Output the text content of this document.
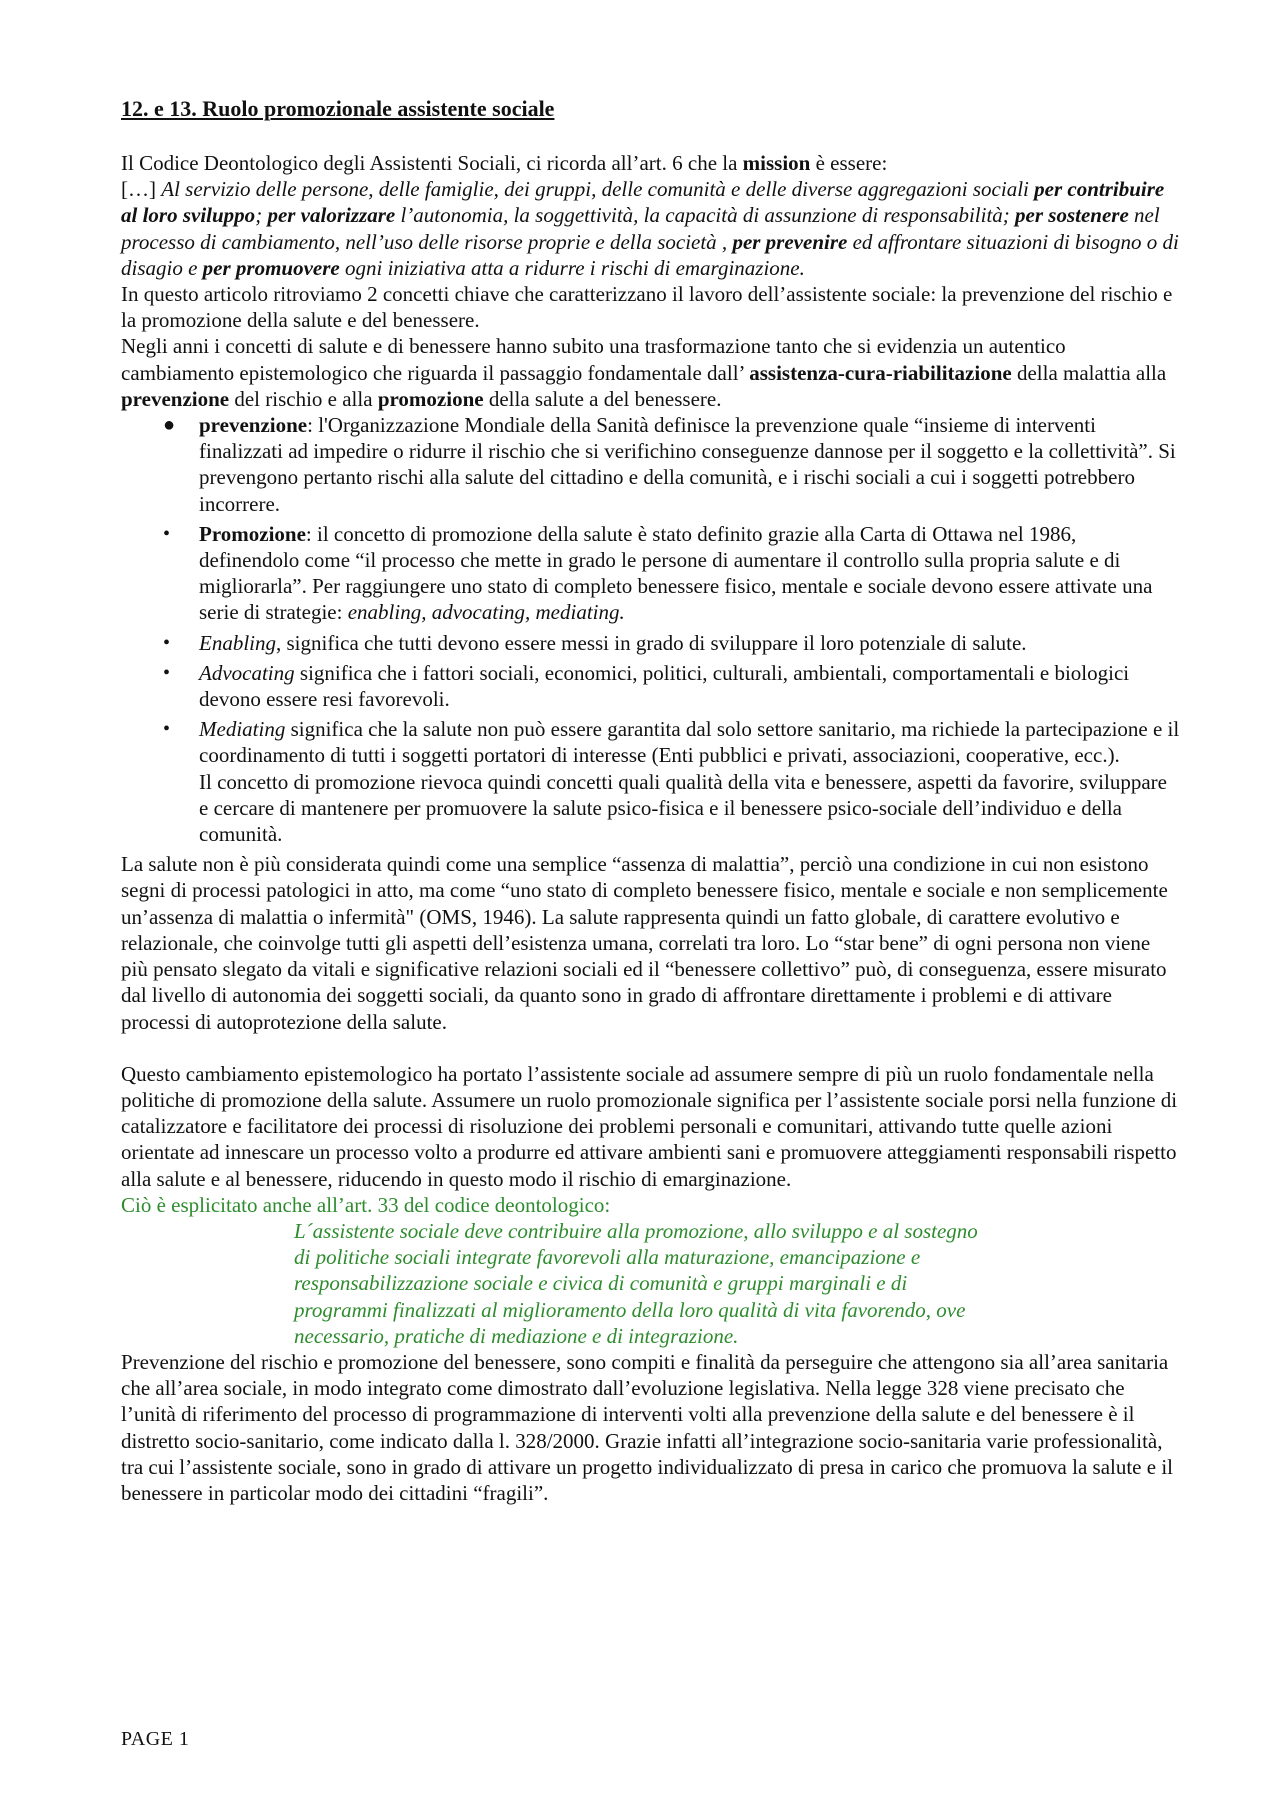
12. e 13. Ruolo promozionale assistente sociale

Il Codice Deontologico degli Assistenti Sociali, ci ricorda all’art. 6 che la mission è essere:

[…] Al servizio delle persone, delle famiglie, dei gruppi, delle comunità e delle diverse aggregazioni sociali per contribuire al loro sviluppo; per valorizzare l’autonomia, la soggettività, la capacità di assunzione di responsabilità; per sostenere nel processo di cambiamento, nell’uso delle risorse proprie e della società , per prevenire ed affrontare situazioni di bisogno o di disagio e per promuovere ogni iniziativa atta a ridurre i rischi di emarginazione.

In questo articolo ritroviamo 2 concetti chiave che caratterizzano il lavoro dell’assistente sociale: la prevenzione del rischio e la promozione della salute e del benessere.

Negli anni i concetti di salute e di benessere hanno subito una trasformazione tanto che si evidenzia un autentico cambiamento epistemologico che riguarda il passaggio fondamentale dall’ assistenza-cura-riabilitazione della malattia alla prevenzione del rischio e alla promozione della salute a del benessere.

● prevenzione: l'Organizzazione Mondiale della Sanità definisce la prevenzione quale “insieme di interventi finalizzati ad impedire o ridurre il rischio che si verifichino conseguenze dannose per il soggetto e la collettività”. Si prevengono pertanto rischi alla salute del cittadino e della comunità, e i rischi sociali a cui i soggetti potrebbero incorrere.
• Promozione: il concetto di promozione della salute è stato definito grazie alla Carta di Ottawa nel 1986, definendolo come “il processo che mette in grado le persone di aumentare il controllo sulla propria salute e di migliorarla”. Per raggiungere uno stato di completo benessere fisico, mentale e sociale devono essere attivate una serie di strategie: enabling, advocating, mediating.
• Enabling, significa che tutti devono essere messi in grado di sviluppare il loro potenziale di salute.
• Advocating significa che i fattori sociali, economici, politici, culturali, ambientali, comportamentali e biologici devono essere resi favorevoli.
• Mediating significa che la salute non può essere garantita dal solo settore sanitario, ma richiede la partecipazione e il coordinamento di tutti i soggetti portatori di interesse (Enti pubblici e privati, associazioni, cooperative, ecc.).
Il concetto di promozione rievoca quindi concetti quali qualità della vita e benessere, aspetti da favorire, sviluppare e cercare di mantenere per promuovere la salute psico-fisica e il benessere psico-sociale dell’individuo e della comunità.

La salute non è più considerata quindi come una semplice “assenza di malattia”, perciò una condizione in cui non esistono segni di processi patologici in atto, ma come “uno stato di completo benessere fisico, mentale e sociale e non semplicemente un’assenza di malattia o infermità" (OMS, 1946). La salute rappresenta quindi un fatto globale, di carattere evolutivo e relazionale, che coinvolge tutti gli aspetti dell’esistenza umana, correlati tra loro. Lo “star bene” di ogni persona non viene più pensato slegato da vitali e significative relazioni sociali ed il “benessere collettivo” può, di conseguenza, essere misurato dal livello di autonomia dei soggetti sociali, da quanto sono in grado di affrontare direttamente i problemi e di attivare processi di autoprotezione della salute.

Questo cambiamento epistemologico ha portato l’assistente sociale ad assumere sempre di più un ruolo fondamentale nella politiche di promozione della salute. Assumere un ruolo promozionale significa per l’assistente sociale porsi nella funzione di catalizzatore e facilitatore dei processi di risoluzione dei problemi personali e comunitari, attivando tutte quelle azioni orientate ad innescare un processo volto a produrre ed attivare ambienti sani e promuovere atteggiamenti responsabili rispetto alla salute e al benessere, riducendo in questo modo il rischio di emarginazione.

Ciò è esplicitato anche all’art. 33 del codice deontologico:

L´assistente sociale deve contribuire alla promozione, allo sviluppo e al sostegno di politiche sociali integrate favorevoli alla maturazione, emancipazione e responsabilizzazione sociale e civica di comunità e gruppi marginali e di programmi finalizzati al miglioramento della loro qualità di vita favorendo, ove necessario, pratiche di mediazione e di integrazione.

Prevenzione del rischio e promozione del benessere, sono compiti e finalità da perseguire che attengono sia all’area sanitaria che all’area sociale, in modo integrato come dimostrato dall’evoluzione legislativa. Nella legge 328 viene precisato che l’unità di riferimento del processo di programmazione di interventi volti alla prevenzione della salute e del benessere è il distretto socio-sanitario, come indicato dalla l. 328/2000. Grazie infatti all’integrazione socio-sanitaria varie professionalità, tra cui l’assistente sociale, sono in grado di attivare un progetto individualizzato di presa in carico che promuova la salute e il benessere in particolar modo dei cittadini “fragili”.

PAGE 1
